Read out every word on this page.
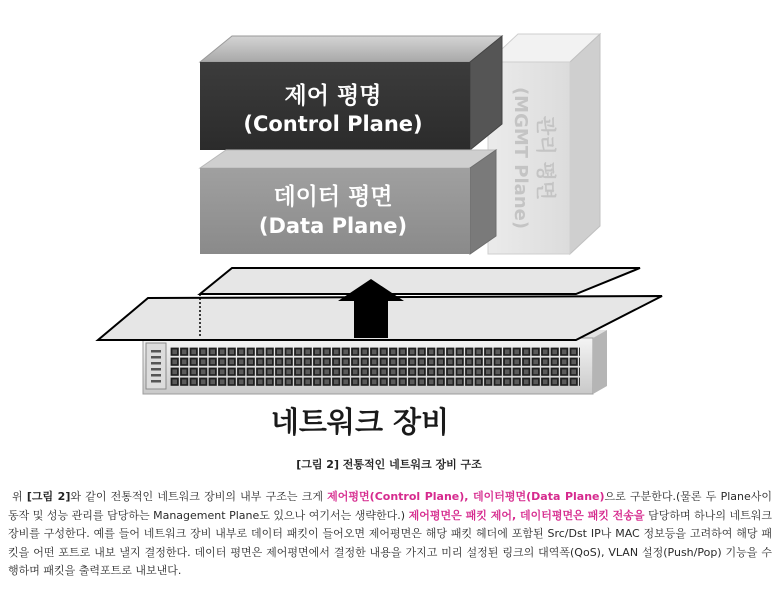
제어 평명
(Control Plane)
데이터 평면
(Data Plane)
관리 평면
(MGMT Plane)
네트워크 장비
[그림 2] 전통적인 네트워크 장비 구조
위 [그림 2]와 같이 전통적인 네트워크 장비의 내부 구조는 크게 제어평면(Control Plane), 데이터평면(Data Plane)으로 구분한다.(물론 두 Plane사이 동작 및 성능 관리를 담당하는 Management Plane도 있으나 여기서는 생략한다.) 제어평면은 패킷 제어, 데이터평면은 패킷 전송을 담당하며 하나의 네트워크 장비를 구성한다. 예를 들어 네트워크 장비 내부로 데이터 패킷이 들어오면 제어평면은 해당 패킷 헤더에 포함된 Src/Dst IP나 MAC 정보등을 고려하여 해당 패킷을 어떤 포트로 내보 낼지 결정한다. 데이터 평면은 제어평면에서 결정한 내용을 가지고 미리 설정된 링크의 대역폭(QoS), VLAN 설정(Push/Pop) 기능을 수행하며 패킷을 출력포트로 내보낸다.
